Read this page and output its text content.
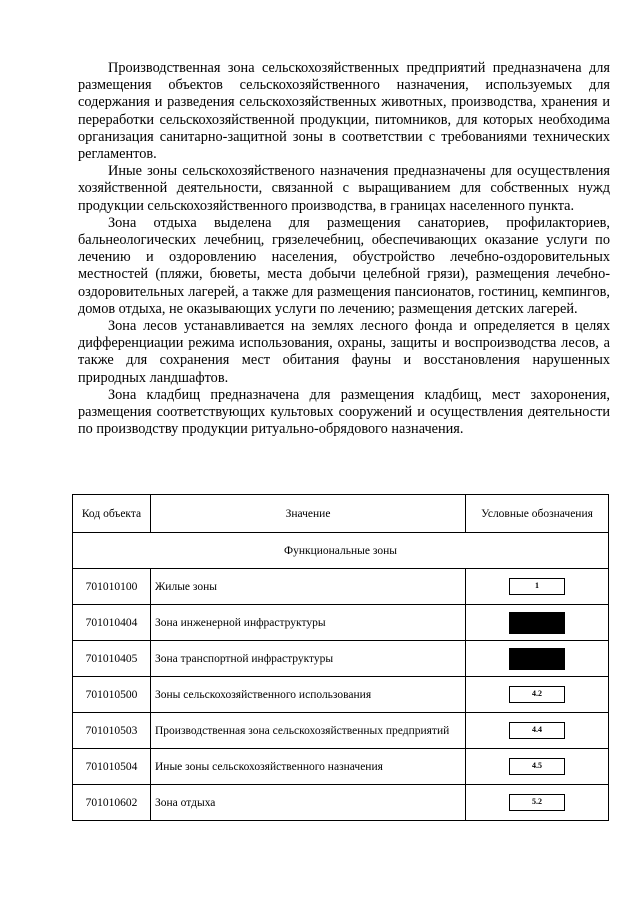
Производственная зона сельскохозяйственных предприятий предназначена для размещения объектов сельскохозяйственного назначения, используемых для содержания и разведения сельскохозяйственных животных, производства, хранения и переработки сельскохозяйственной продукции, питомников, для которых необходима организация санитарно-защитной зоны в соответствии с требованиями технических регламентов.

Иные зоны сельскохозяйственого назначения предназначены для осуществления хозяйственной деятельности, связанной с выращиванием для собственных нужд продукции сельскохозяйственного производства, в границах населенного пункта.

Зона отдыха выделена для размещения санаториев, профилакториев, бальнеологических лечебниц, грязелечебниц, обеспечивающих оказание услуги по лечению и оздоровлению населения, обустройство лечебно-оздоровительных местностей (пляжи, бюветы, места добычи целебной грязи), размещения лечебно-оздоровительных лагерей, а также для размещения пансионатов, гостиниц, кемпингов, домов отдыха, не оказывающих услуги по лечению; размещения детских лагерей.

Зона лесов устанавливается на землях лесного фонда и определяется в целях дифференциации режима использования, охраны, защиты и воспроизводства лесов, а также для сохранения мест обитания фауны и восстановления нарушенных природных ландшафтов.

Зона кладбищ предназначена для размещения кладбищ, мест захоронения, размещения соответствующих культовых сооружений и осуществления деятельности по производству продукции ритуально-обрядового назначения.

Код объекта	Значение	Условные обозначения
Функциональные зоны		
701010100	Жилые зоны	1
701010404	Зона инженерной инфраструктуры	
701010405	Зона транспортной инфраструктуры	
701010500	Зоны сельскохозяйственного использования	4.2
701010503	Производственная зона сельскохозяйственных предприятий	4.4
701010504	Иные зоны сельскохозяйственного назначения	4.5
701010602	Зона отдыха	5.2
